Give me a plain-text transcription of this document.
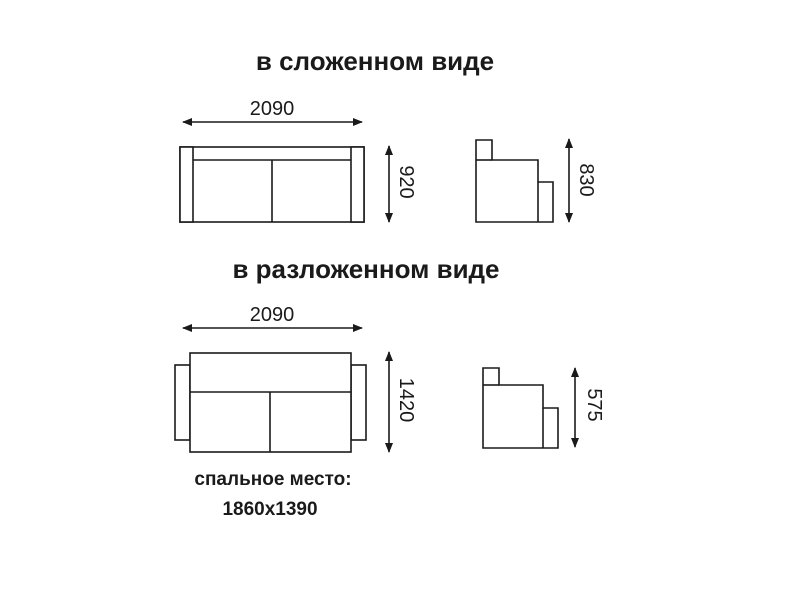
в сложенном виде
2090
920	830
в разложенном виде
2090
1420	575
спальное место:
1860x1390
